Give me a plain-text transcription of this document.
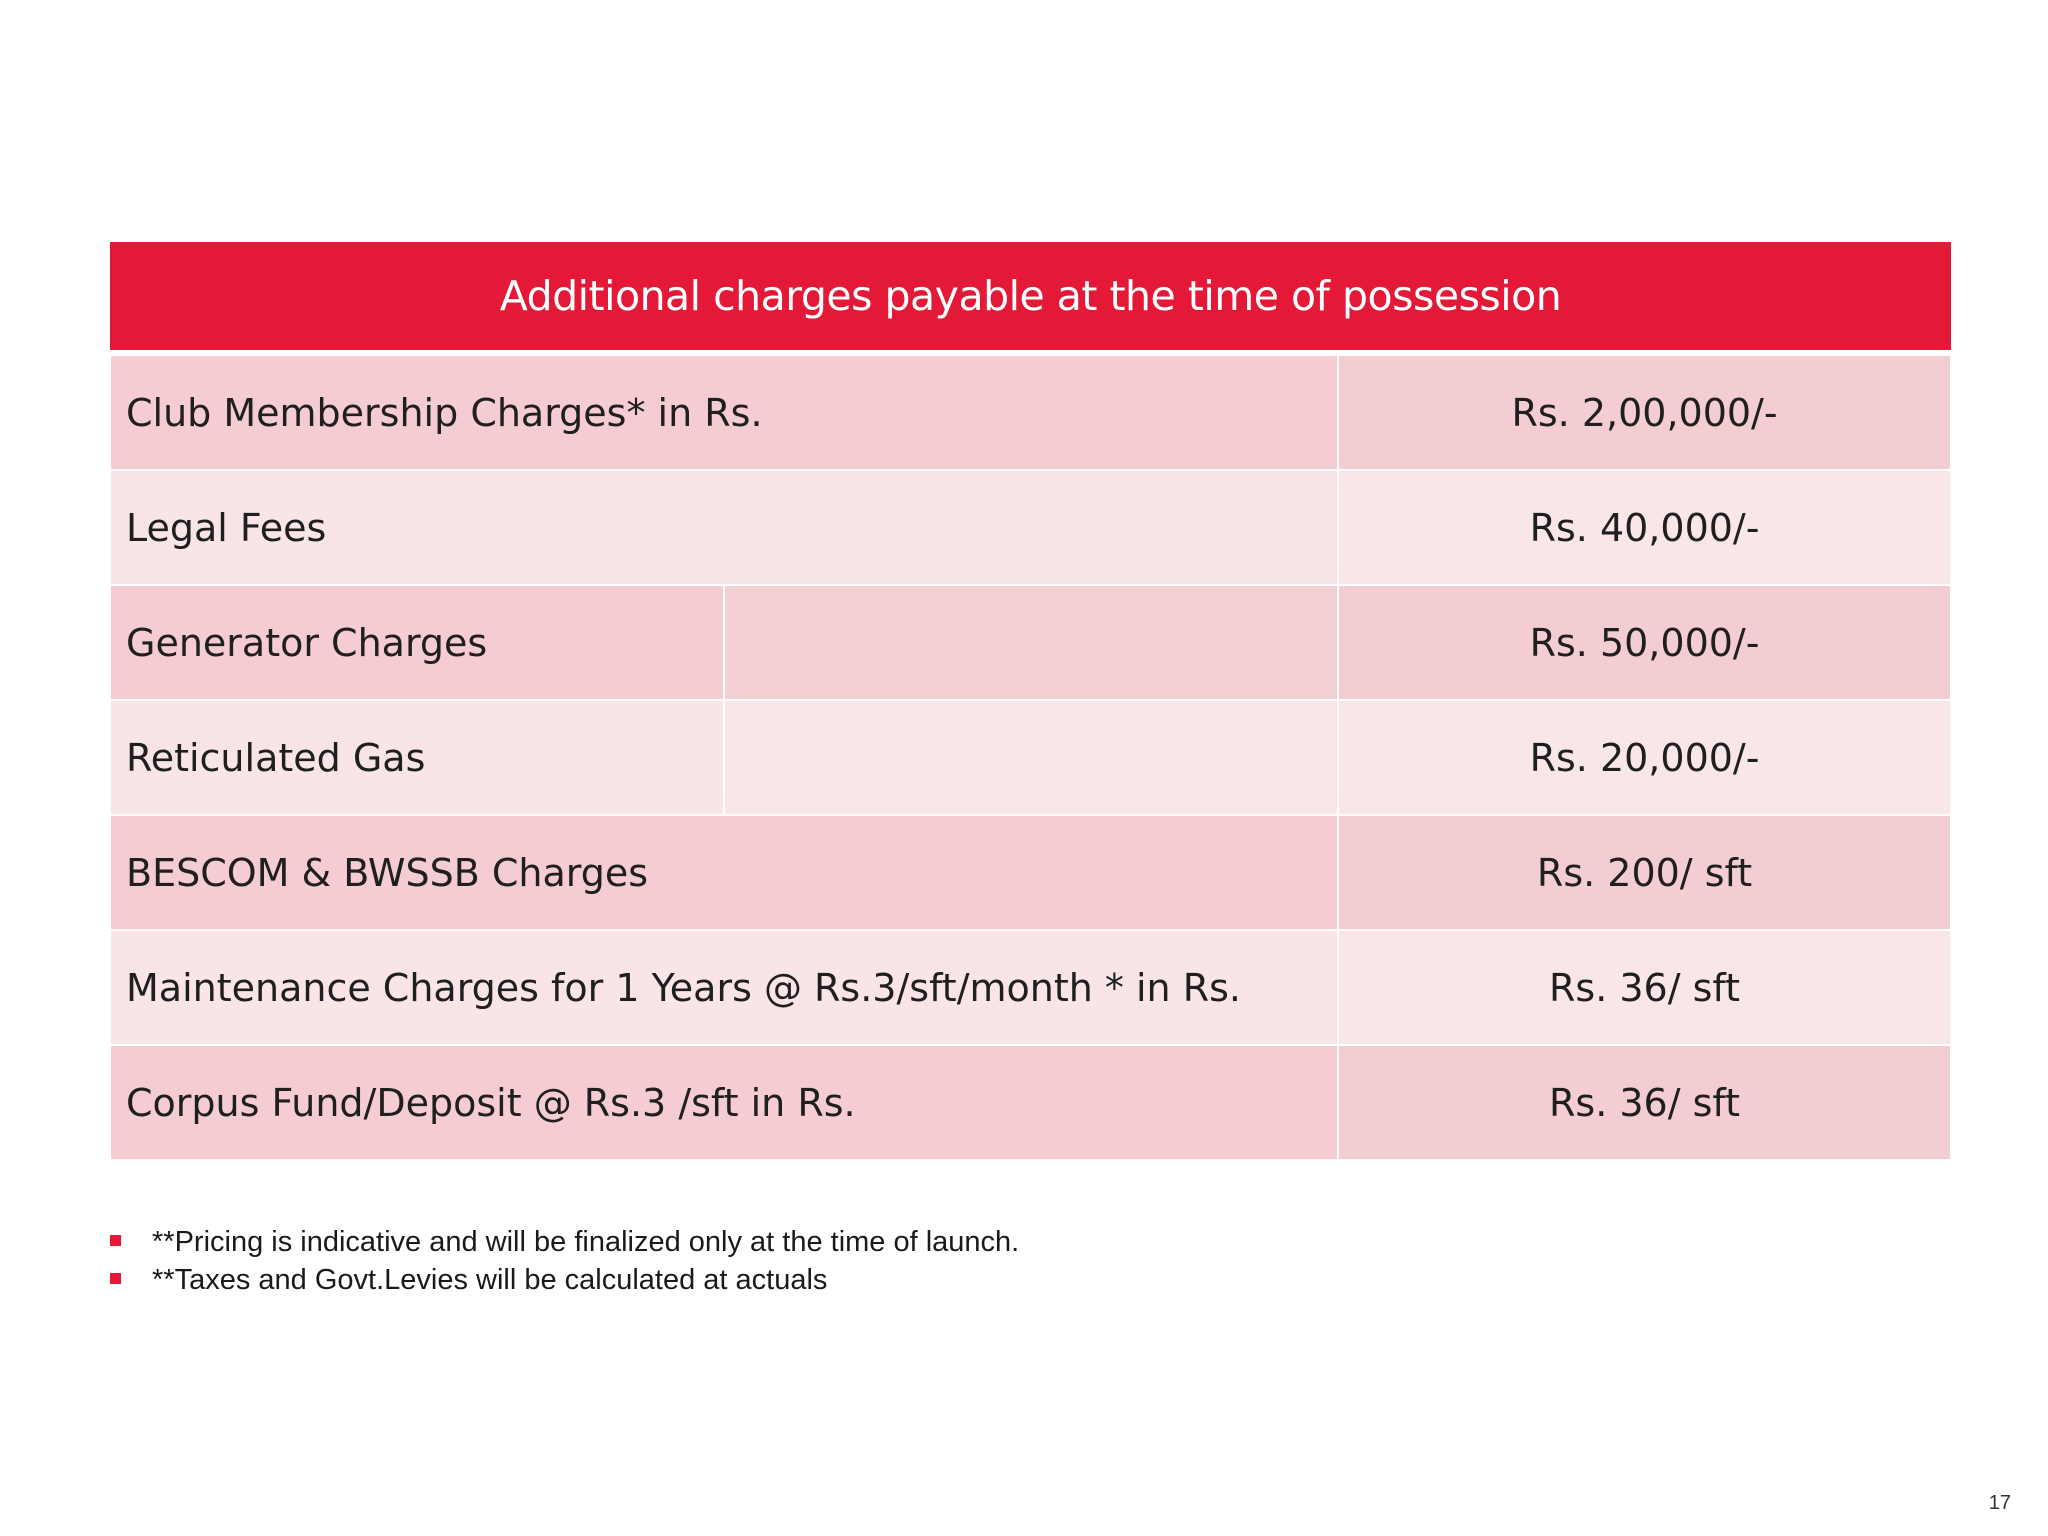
Additional charges payable at the time of possession		
Club Membership Charges* in Rs.		Rs. 2,00,000/-
Legal Fees		Rs. 40,000/-
Generator Charges		Rs. 50,000/-
Reticulated Gas		Rs. 20,000/-
BESCOM & BWSSB Charges		Rs. 200/ sft
Maintenance Charges for 1 Years @ Rs.3/sft/month * in Rs.		Rs. 36/ sft
Corpus Fund/Deposit @ Rs.3 /sft in Rs.		Rs. 36/ sft
**Pricing is indicative and will be finalized only at the time of launch.
**Taxes and Govt.Levies will be calculated at actuals
17
